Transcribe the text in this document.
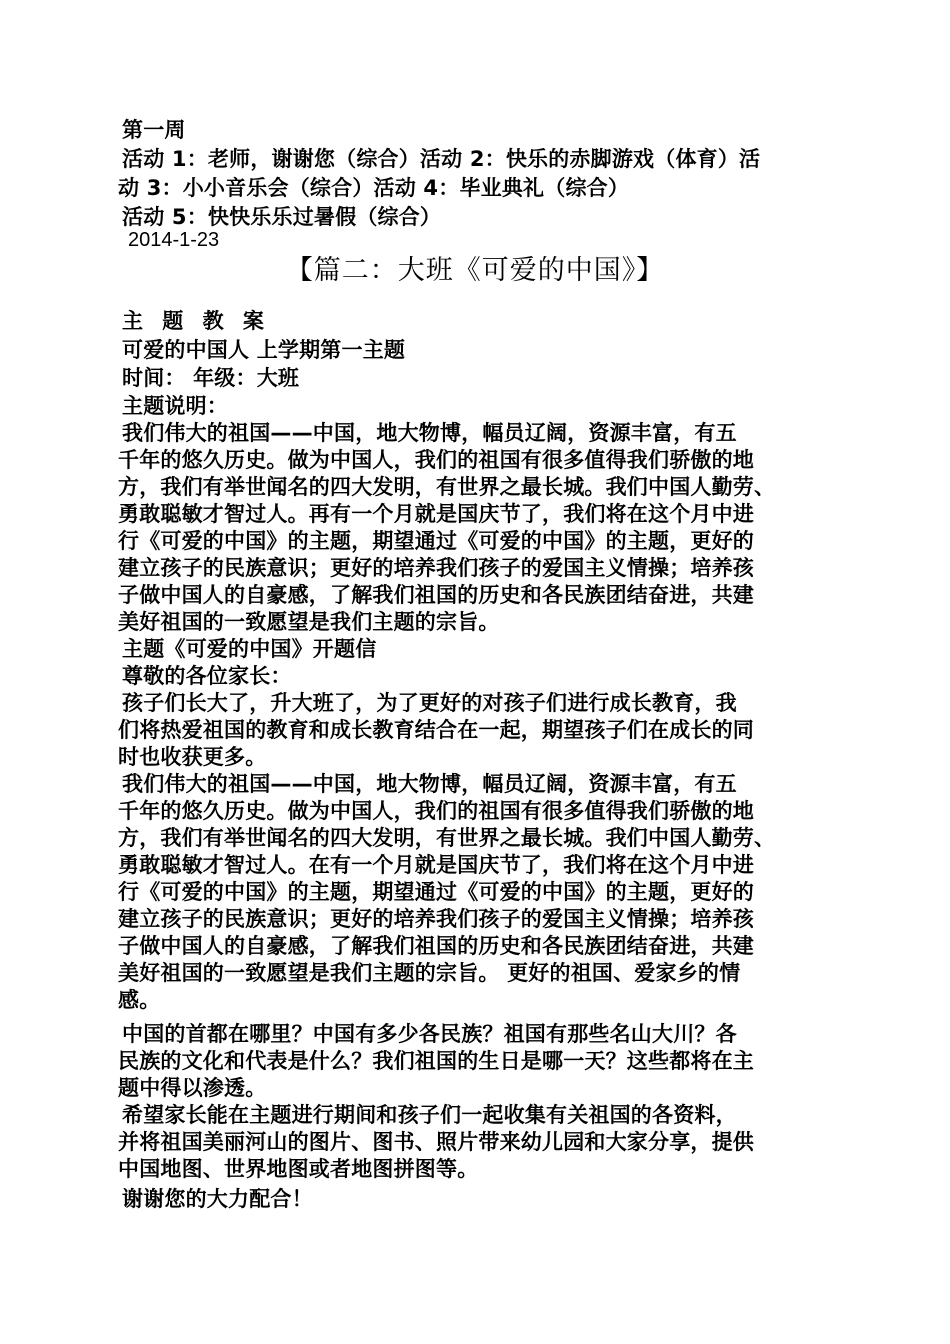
第一周
活动 1：老师，谢谢您（综合）活动 2：快乐的赤脚游戏（体育）活
动 3：小小音乐会（综合）活动 4：毕业典礼（综合）
活动 5：快快乐乐过暑假（综合）
2014-1-23
【篇二：大班《可爱的中国》】
主 题 教 案
可爱的中国人 上学期第一主题
时间： 年级：大班
主题说明：
我们伟大的祖国——中国，地大物博，幅员辽阔，资源丰富，有五
千年的悠久历史。做为中国人，我们的祖国有很多值得我们骄傲的地
方，我们有举世闻名的四大发明，有世界之最长城。我们中国人勤劳、
勇敢聪敏才智过人。再有一个月就是国庆节了，我们将在这个月中进
行《可爱的中国》的主题，期望通过《可爱的中国》的主题，更好的
建立孩子的民族意识；更好的培养我们孩子的爱国主义情操；培养孩
子做中国人的自豪感，了解我们祖国的历史和各民族团结奋进，共建
美好祖国的一致愿望是我们主题的宗旨。
主题《可爱的中国》开题信
尊敬的各位家长：
孩子们长大了，升大班了，为了更好的对孩子们进行成长教育，我
们将热爱祖国的教育和成长教育结合在一起，期望孩子们在成长的同
时也收获更多。
我们伟大的祖国——中国，地大物博，幅员辽阔，资源丰富，有五
千年的悠久历史。做为中国人，我们的祖国有很多值得我们骄傲的地
方，我们有举世闻名的四大发明，有世界之最长城。我们中国人勤劳、
勇敢聪敏才智过人。在有一个月就是国庆节了，我们将在这个月中进
行《可爱的中国》的主题，期望通过《可爱的中国》的主题，更好的
建立孩子的民族意识；更好的培养我们孩子的爱国主义情操；培养孩
子做中国人的自豪感，了解我们祖国的历史和各民族团结奋进，共建
美好祖国的一致愿望是我们主题的宗旨。 更好的祖国、爱家乡的情
感。
中国的首都在哪里？中国有多少各民族？祖国有那些名山大川？各
民族的文化和代表是什么？我们祖国的生日是哪一天？这些都将在主
题中得以渗透。
希望家长能在主题进行期间和孩子们一起收集有关祖国的各资料，
并将祖国美丽河山的图片、图书、照片带来幼儿园和大家分享，提供
中国地图、世界地图或者地图拼图等。
谢谢您的大力配合！
